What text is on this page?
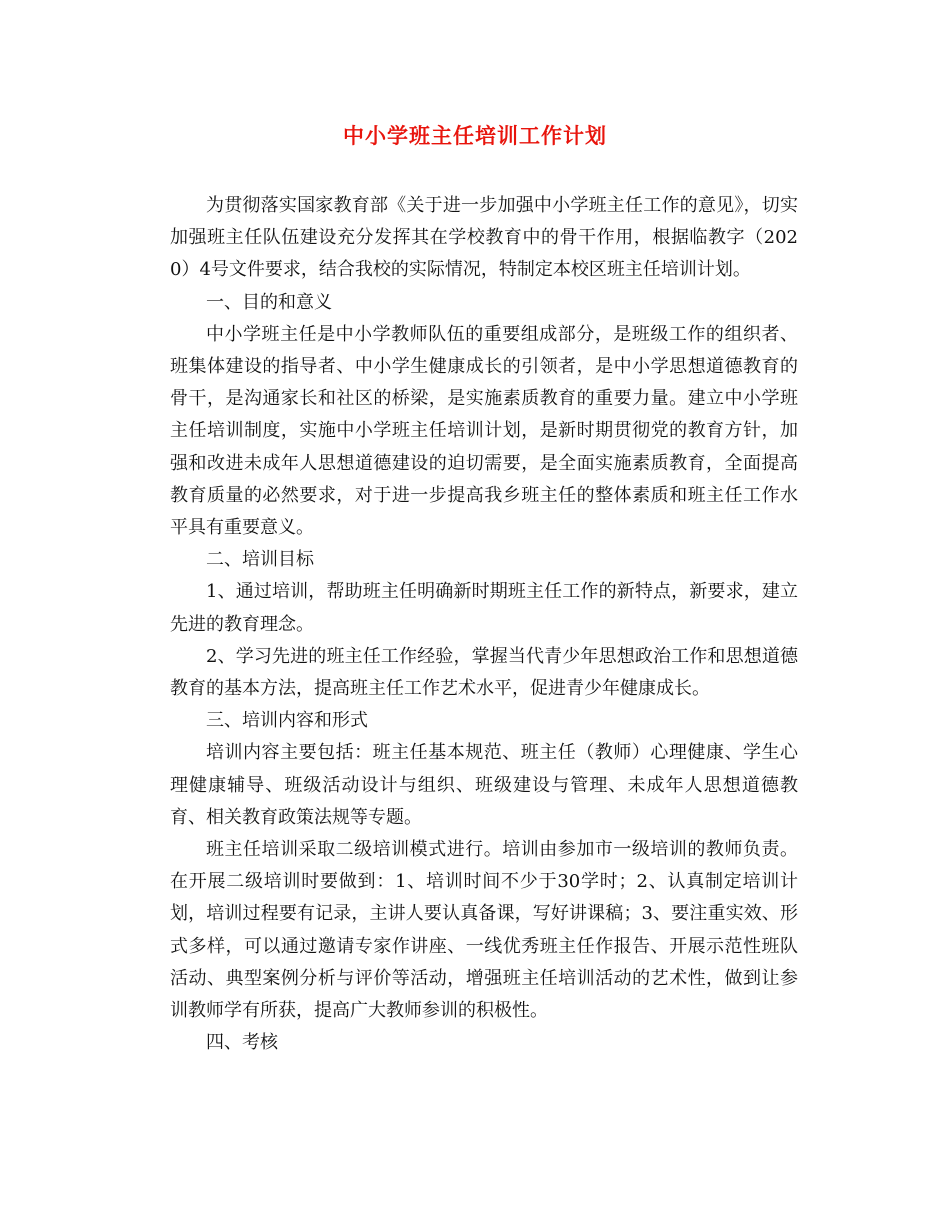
中小学班主任培训工作计划

为贯彻落实国家教育部《关于进一步加强中小学班主任工作的意见》，切实加强班主任队伍建设充分发挥其在学校教育中的骨干作用，根据临教字（2020）4号文件要求，结合我校的实际情况，特制定本校区班主任培训计划。

一、目的和意义

中小学班主任是中小学教师队伍的重要组成部分，是班级工作的组织者、班集体建设的指导者、中小学生健康成长的引领者，是中小学思想道德教育的骨干，是沟通家长和社区的桥梁，是实施素质教育的重要力量。建立中小学班主任培训制度，实施中小学班主任培训计划，是新时期贯彻党的教育方针，加强和改进未成年人思想道德建设的迫切需要，是全面实施素质教育，全面提高教育质量的必然要求，对于进一步提高我乡班主任的整体素质和班主任工作水平具有重要意义。

二、培训目标

1、通过培训，帮助班主任明确新时期班主任工作的新特点，新要求，建立先进的教育理念。

2、学习先进的班主任工作经验，掌握当代青少年思想政治工作和思想道德教育的基本方法，提高班主任工作艺术水平，促进青少年健康成长。

三、培训内容和形式

培训内容主要包括：班主任基本规范、班主任（教师）心理健康、学生心理健康辅导、班级活动设计与组织、班级建设与管理、未成年人思想道德教育、相关教育政策法规等专题。

班主任培训采取二级培训模式进行。培训由参加市一级培训的教师负责。在开展二级培训时要做到：1、培训时间不少于30学时；2、认真制定培训计划，培训过程要有记录，主讲人要认真备课，写好讲课稿；3、要注重实效、形式多样，可以通过邀请专家作讲座、一线优秀班主任作报告、开展示范性班队活动、典型案例分析与评价等活动，增强班主任培训活动的艺术性，做到让参训教师学有所获，提高广大教师参训的积极性。

四、考核
